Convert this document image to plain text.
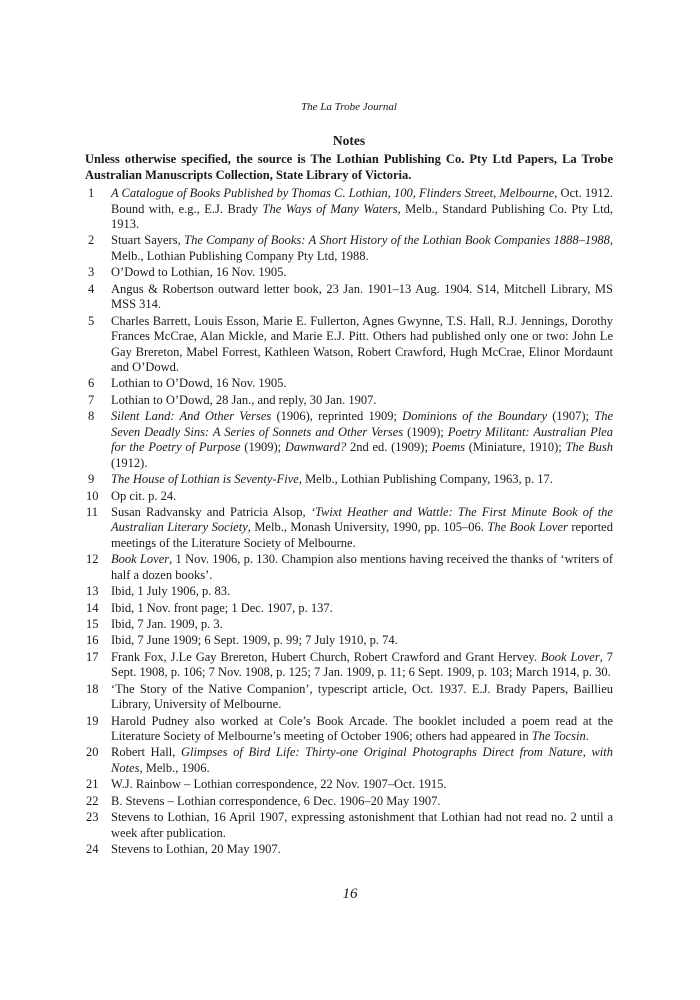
The La Trobe Journal
Notes

Unless otherwise specified, the source is The Lothian Publishing Co. Pty Ltd Papers, La Trobe Australian Manuscripts Collection, State Library of Victoria.

1	A Catalogue of Books Published by Thomas C. Lothian, 100, Flinders Street, Melbourne, Oct. 1912. Bound with, e.g., E.J. Brady The Ways of Many Waters, Melb., Standard Publishing Co. Pty Ltd, 1913.
2	Stuart Sayers, The Company of Books: A Short History of the Lothian Book Companies 1888–1988, Melb., Lothian Publishing Company Pty Ltd, 1988.
3	O’Dowd to Lothian, 16 Nov. 1905.
4	Angus & Robertson outward letter book, 23 Jan. 1901–13 Aug. 1904. S14, Mitchell Library, MS MSS 314.
5	Charles Barrett, Louis Esson, Marie E. Fullerton, Agnes Gwynne, T.S. Hall, R.J. Jennings, Dorothy Frances McCrae, Alan Mickle, and Marie E.J. Pitt. Others had published only one or two: John Le Gay Brereton, Mabel Forrest, Kathleen Watson, Robert Crawford, Hugh McCrae, Elinor Mordaunt and O’Dowd.
6	Lothian to O’Dowd, 16 Nov. 1905.
7	Lothian to O’Dowd, 28 Jan., and reply, 30 Jan. 1907.
8	Silent Land: And Other Verses (1906), reprinted 1909; Dominions of the Boundary (1907); The Seven Deadly Sins: A Series of Sonnets and Other Verses (1909); Poetry Militant: Australian Plea for the Poetry of Purpose (1909); Dawnward? 2nd ed. (1909); Poems (Miniature, 1910); The Bush (1912).
9	The House of Lothian is Seventy-Five, Melb., Lothian Publishing Company, 1963, p. 17.
10	Op cit. p. 24.
11	Susan Radvansky and Patricia Alsop, ‘Twixt Heather and Wattle: The First Minute Book of the Australian Literary Society, Melb., Monash University, 1990, pp. 105–06. The Book Lover reported meetings of the Literature Society of Melbourne.
12	Book Lover, 1 Nov. 1906, p. 130. Champion also mentions having received the thanks of ‘writers of half a dozen books’.
13	Ibid, 1 July 1906, p. 83.
14	Ibid, 1 Nov. front page; 1 Dec. 1907, p. 137.
15	Ibid, 7 Jan. 1909, p. 3.
16	Ibid, 7 June 1909; 6 Sept. 1909, p. 99; 7 July 1910, p. 74.
17	Frank Fox, J.Le Gay Brereton, Hubert Church, Robert Crawford and Grant Hervey. Book Lover, 7 Sept. 1908, p. 106; 7 Nov. 1908, p. 125; 7 Jan. 1909, p. 11; 6 Sept. 1909, p. 103; March 1914, p. 30.
18	‘The Story of the Native Companion’, typescript article, Oct. 1937. E.J. Brady Papers, Baillieu Library, University of Melbourne.
19	Harold Pudney also worked at Cole’s Book Arcade. The booklet included a poem read at the Literature Society of Melbourne’s meeting of October 1906; others had appeared in The Tocsin.
20	Robert Hall, Glimpses of Bird Life: Thirty-one Original Photographs Direct from Nature, with Notes, Melb., 1906.
21	W.J. Rainbow – Lothian correspondence, 22 Nov. 1907–Oct. 1915.
22	B. Stevens – Lothian correspondence, 6 Dec. 1906–20 May 1907.
23	Stevens to Lothian, 16 April 1907, expressing astonishment that Lothian had not read no. 2 until a week after publication.
24	Stevens to Lothian, 20 May 1907.
16
